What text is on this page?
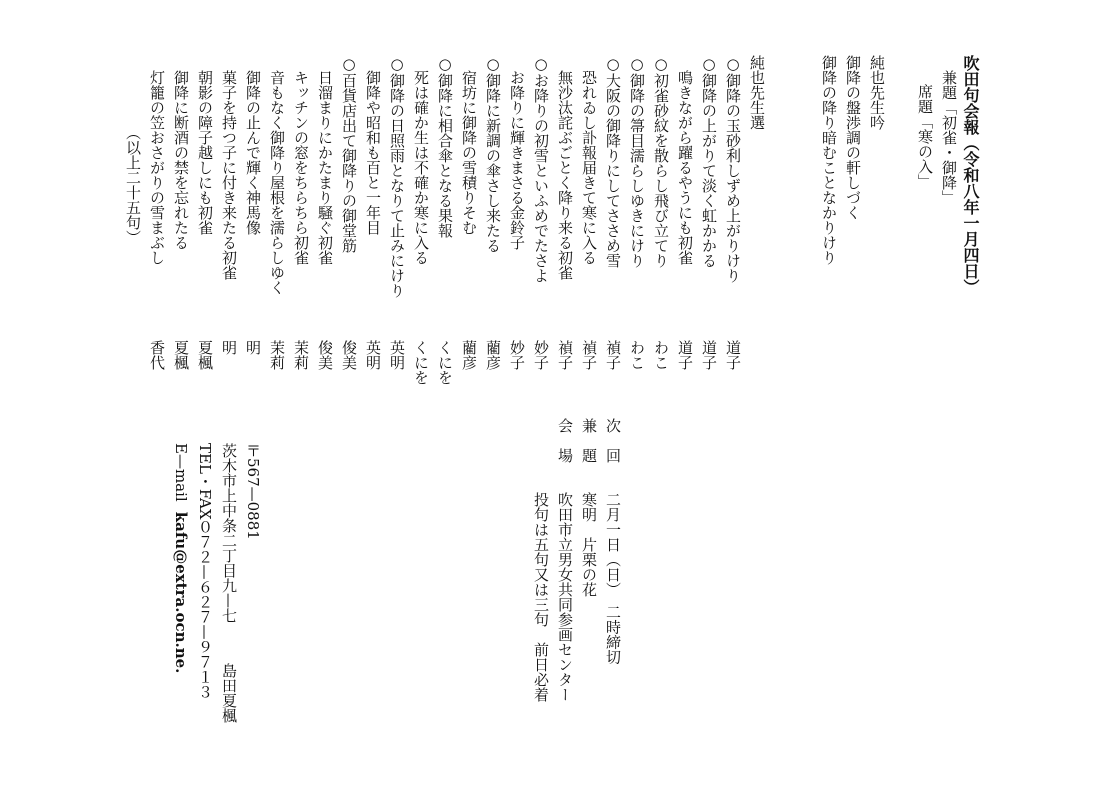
吹田句会報（令和八年一月四日）
兼題「初雀・御降」
席題「寒の入」
純也先生吟
御降の盤渉調の軒しづく
御降の降り暗むことなかりけり
純也先生選
○御降の玉砂利しずめ上がりけり
道子
○御降の上がりて淡く虹かかる
道子
鳴きながら躍るやうにも初雀
道子
○初雀砂紋を散らし飛び立てり
わこ
○御降の箒目濡らしゆきにけり
わこ
○大阪の御降りにしてささめ雪
禎子
恐れゐし訃報届きて寒に入る
禎子
無沙汰詫ぶごとく降り来る初雀
禎子
○お降りの初雪といふめでたさよ
妙子
お降りに輝きまさる金鈴子
妙子
○御降に新調の傘さし来たる
藺彦
宿坊に御降の雪積りそむ
藺彦
○御降に相合傘となる果報
くにを
死は確か生は不確か寒に入る
くにを
○御降の日照雨となりて止みにけり
英明
御降や昭和も百と一年目
英明
○百貨店出て御降りの御堂筋
俊美
日溜まりにかたまり騒ぐ初雀
俊美
キッチンの窓をちらちら初雀
茉莉
音もなく御降り屋根を濡らしゆく
茉莉
御降の止んで輝く神馬像
明
菓子を持つ子に付き来たる初雀
明
朝影の障子越しにも初雀
夏楓
御降に断酒の禁を忘れたる
夏楓
灯籠の笠おさがりの雪まぶし
香代
（以上二十五句）
次　回
二月一日（日）　二時締切
兼　題
寒明　片栗の花
会　場
吹田市立男女共同参画センター
投句は五句又は三句　前日必着
〒567—0881
茨木市上中条二丁目九—七島田夏楓
TEL・FAX０７２—６２７—９７１３
E—mailkafu@extra.ocn.ne.
